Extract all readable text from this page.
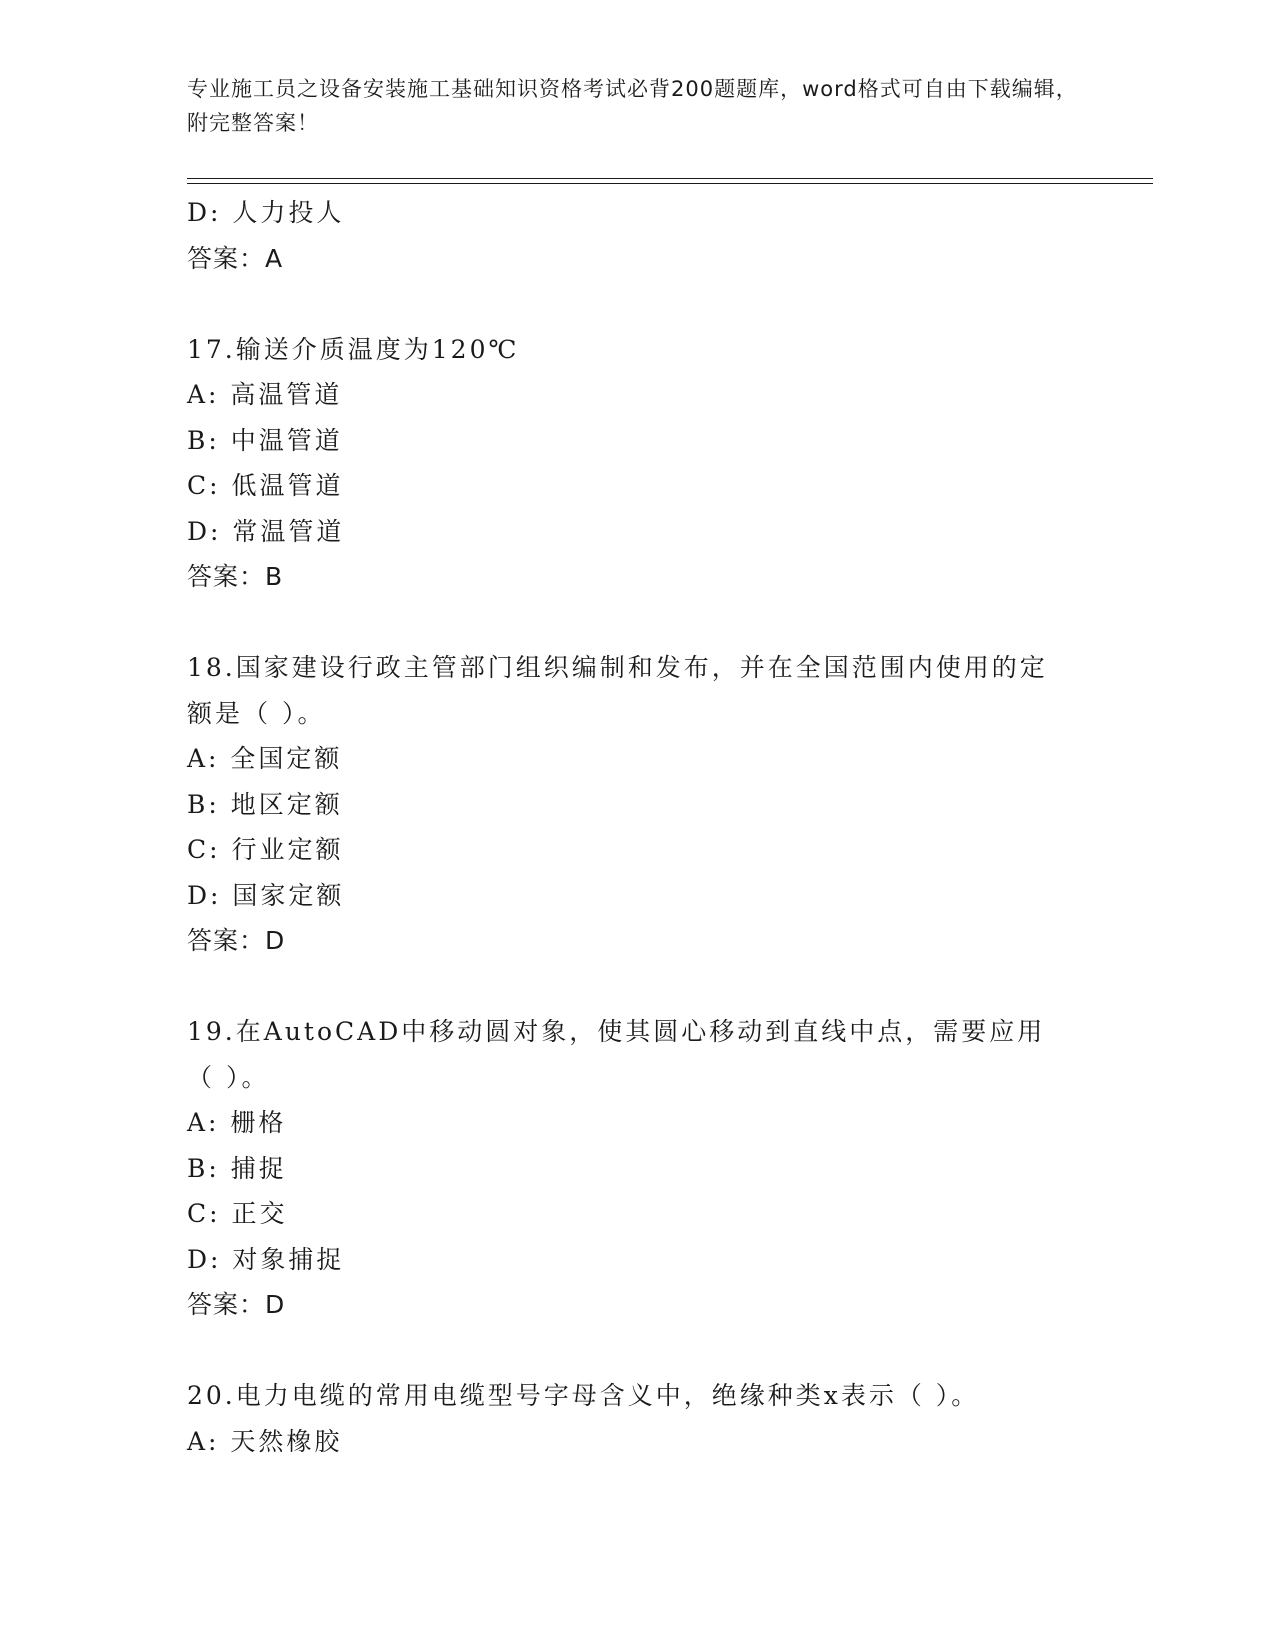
专业施工员之设备安装施工基础知识资格考试必背200题题库，word格式可自由下载编辑，附完整答案！
D: 人力投人
答案：A
17.输送介质温度为120℃
A: 高温管道
B: 中温管道
C: 低温管道
D: 常温管道
答案：B
18.国家建设行政主管部门组织编制和发布，并在全国范围内使用的定额是（ ）。
A: 全国定额
B: 地区定额
C: 行业定额
D: 国家定额
答案：D
19.在AutoCAD中移动圆对象，使其圆心移动到直线中点，需要应用（ ）。
A: 栅格
B: 捕捉
C: 正交
D: 对象捕捉
答案：D
20.电力电缆的常用电缆型号字母含义中，绝缘种类x表示（ ）。
A: 天然橡胶
